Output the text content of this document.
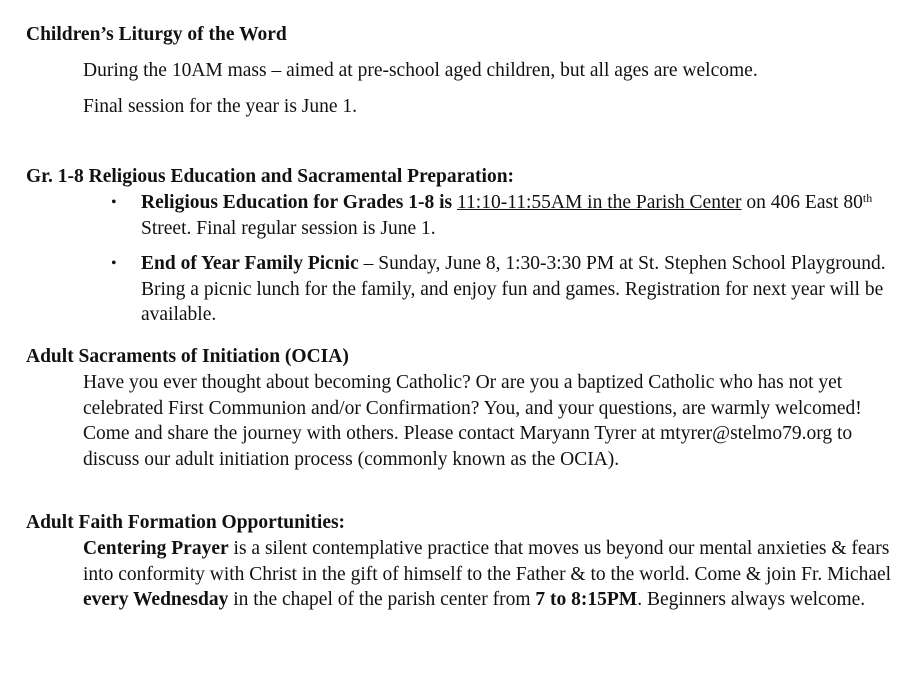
Children’s Liturgy of the Word

During the 10AM mass – aimed at pre-school aged children, but all ages are welcome.

Final session for the year is June 1.

Gr. 1-8 Religious Education and Sacramental Preparation:
• Religious Education for Grades 1-8 is 11:10-11:55AM in the Parish Center on 406 East 80th Street. Final regular session is June 1.
• End of Year Family Picnic – Sunday, June 8, 1:30-3:30 PM at St. Stephen School Playground. Bring a picnic lunch for the family, and enjoy fun and games. Registration for next year will be available.
Adult Sacraments of Initiation (OCIA)

Have you ever thought about becoming Catholic? Or are you a baptized Catholic who has not yet celebrated First Communion and/or Confirmation? You, and your questions, are warmly welcomed! Come and share the journey with others. Please contact Maryann Tyrer at mtyrer@stelmo79.org to discuss our adult initiation process (commonly known as the OCIA).

Adult Faith Formation Opportunities:

Centering Prayer is a silent contemplative practice that moves us beyond our mental anxieties & fears into conformity with Christ in the gift of himself to the Father & to the world. Come & join Fr. Michael every Wednesday in the chapel of the parish center from 7 to 8:15PM. Beginners always welcome.
